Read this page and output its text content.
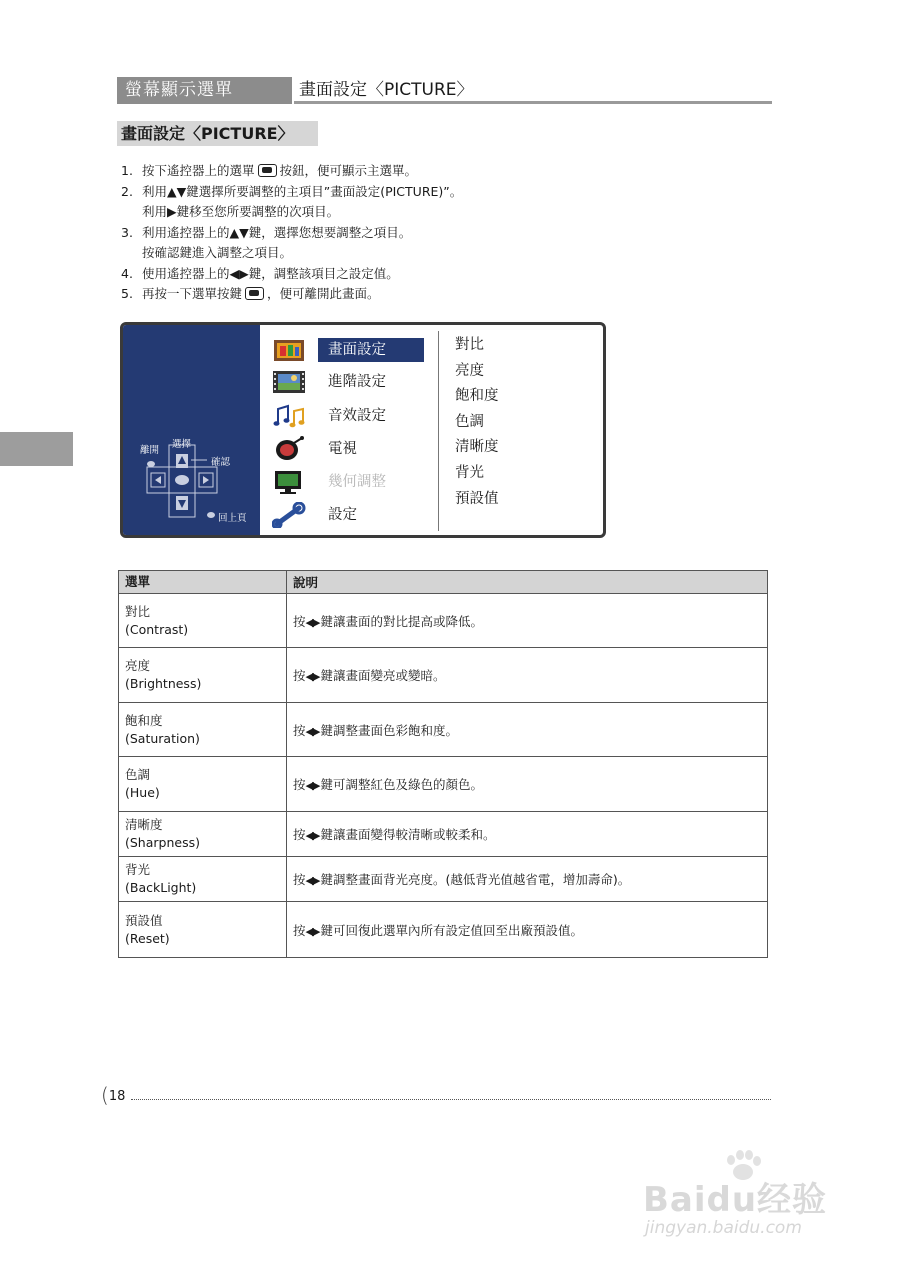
螢幕顯示選單	畫面設定〈PICTURE〉
畫面設定〈PICTURE〉
1. 按下遙控器上的選單 按鈕，便可顯示主選單。
2. 利用▲▼鍵選擇所要調整的主項目”畫面設定(PICTURE)”。
利用▶鍵移至您所要調整的次項目。
3. 利用遙控器上的▲▼鍵，選擇您想要調整之項目。
按確認鍵進入調整之項目。
4. 使用遙控器上的◀▶鍵，調整該項目之設定值。
5. 再按一下選單按鍵 ，便可離開此畫面。
離開
選擇
確認
回上頁
畫面設定
進階設定
音效設定
電視
幾何調整
設定
對比
亮度
飽和度
色調
清晰度
背光
預設值
選單	說明
對比
(Contrast)	按◀▶ 鍵讓畫面的對比提高或降低。
亮度
(Brightness)	按◀▶ 鍵讓畫面變亮或變暗。
飽和度
(Saturation)	按◀▶ 鍵調整畫面色彩飽和度。
色調
(Hue)	按◀▶ 鍵可調整紅色及綠色的顏色。
清晰度
(Sharpness)	按◀▶ 鍵讓畫面變得較清晰或較柔和。
背光
(BackLight)	按◀▶ 鍵調整畫面背光亮度。(越低背光值越省電，增加壽命)。
預設值
(Reset)	按◀▶ 鍵可回復此選單內所有設定值回至出廠預設值。
(18
Baidu经验
jingyan.baidu.com
